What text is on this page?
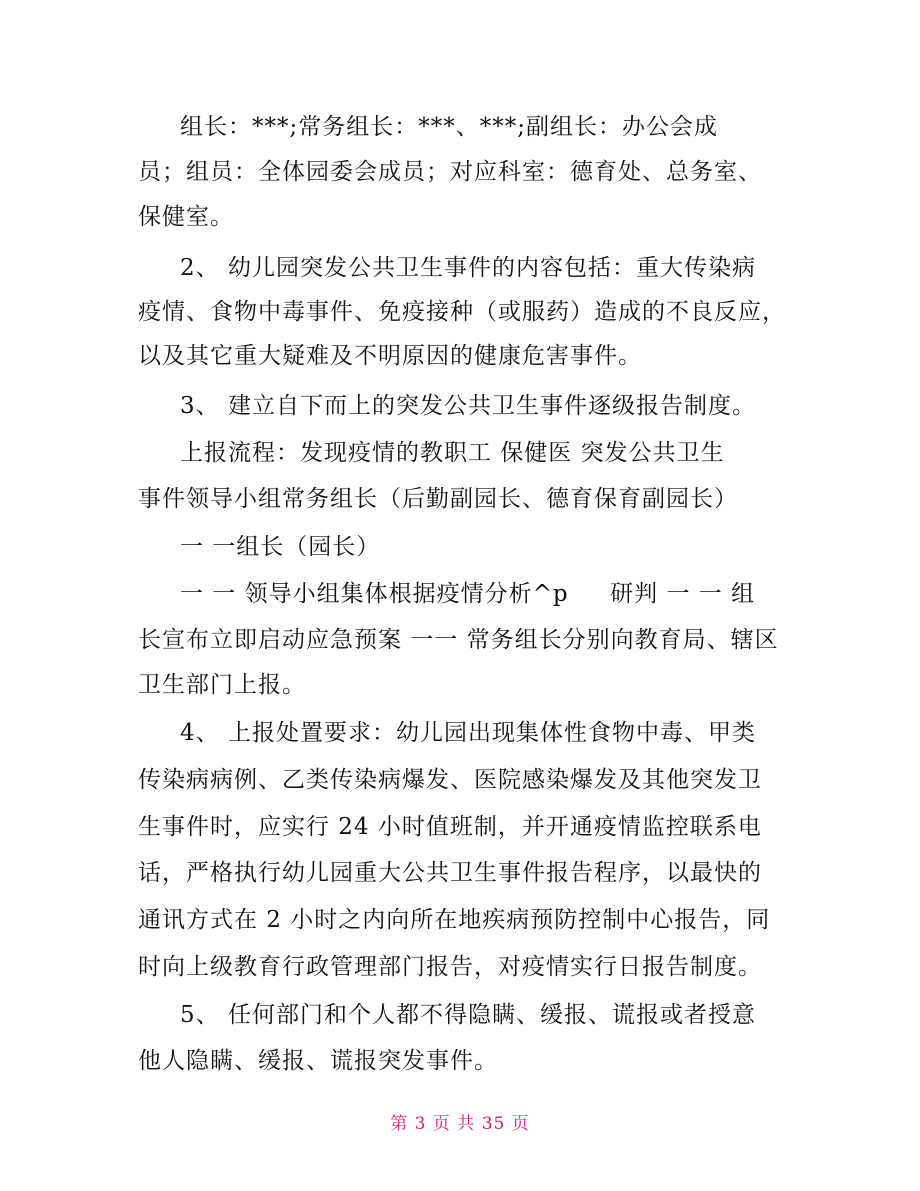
组长：***;常务组长：***、***;副组长：办公会成
员；组员：全体园委会成员；对应科室：德育处、总务室、
保健室。
2、 幼儿园突发公共卫生事件的内容包括：重大传染病
疫情、食物中毒事件、免疫接种（或服药）造成的不良反应，
以及其它重大疑难及不明原因的健康危害事件。
3、 建立自下而上的突发公共卫生事件逐级报告制度。
上报流程：发现疫情的教职工 保健医 突发公共卫生
事件领导小组常务组长（后勤副园长、德育保育副园长）
一 一组长（园长）
一 一 领导小组集体根据疫情分析^p     研判 一 一 组
长宣布立即启动应急预案 一一 常务组长分别向教育局、辖区
卫生部门上报。
4、 上报处置要求：幼儿园出现集体性食物中毒、甲类
传染病病例、乙类传染病爆发、医院感染爆发及其他突发卫
生事件时，应实行 24 小时值班制，并开通疫情监控联系电
话，严格执行幼儿园重大公共卫生事件报告程序，以最快的
通讯方式在 2 小时之内向所在地疾病预防控制中心报告，同
时向上级教育行政管理部门报告，对疫情实行日报告制度。
5、 任何部门和个人都不得隐瞒、缓报、谎报或者授意
他人隐瞒、缓报、谎报突发事件。
第 3 页 共 35 页
